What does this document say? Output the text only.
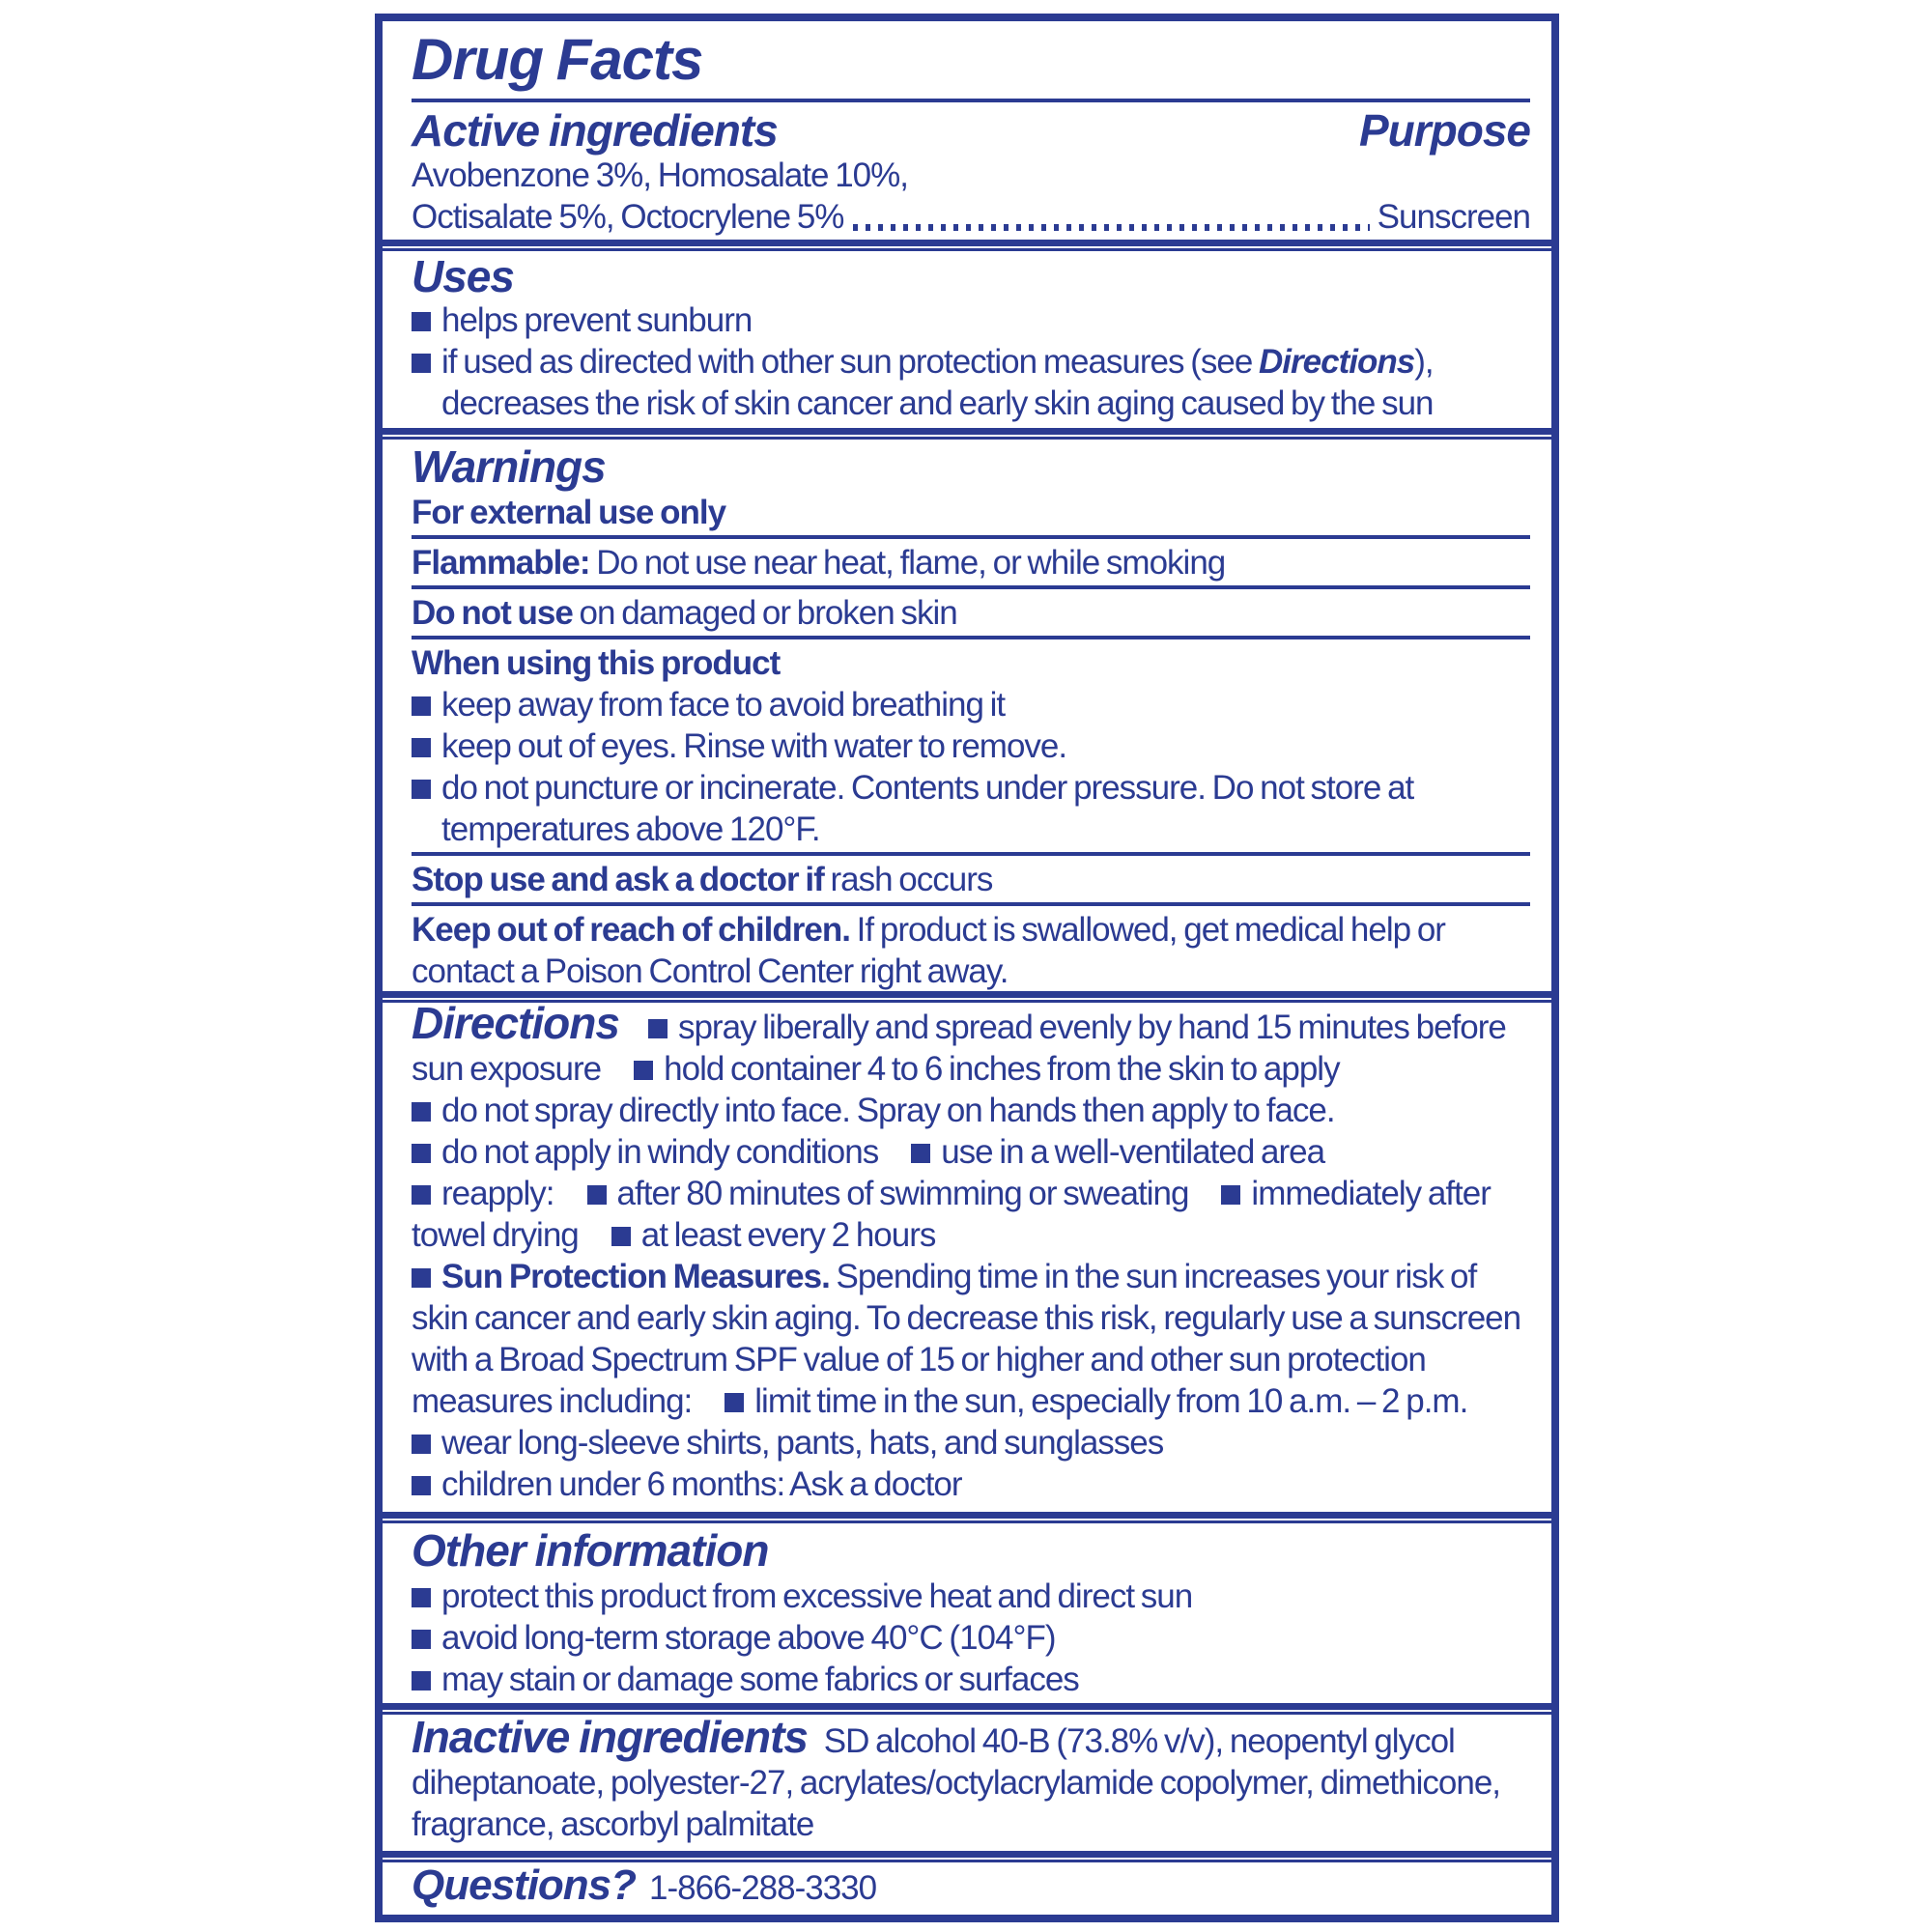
Drug Facts
Active ingredients	Purpose
Avobenzone 3%, Homosalate 10%,
Octisalate 5%, Octocrylene 5%	Sunscreen
Uses
helps prevent sunburn
if used as directed with other sun protection measures (see Directions), decreases the risk of skin cancer and early skin aging caused by the sun
Warnings
For external use only
Flammable: Do not use near heat, flame, or while smoking
Do not use on damaged or broken skin
When using this product
keep away from face to avoid breathing it
keep out of eyes. Rinse with water to remove.
do not puncture or incinerate. Contents under pressure. Do not store at temperatures above 120°F.
Stop use and ask a doctor if rash occurs
Keep out of reach of children. If product is swallowed, get medical help or contact a Poison Control Center right away.
Directions spray liberally and spread evenly by hand 15 minutes before sun exposure hold container 4 to 6 inches from the skin to apply
do not spray directly into face. Spray on hands then apply to face.
do not apply in windy conditions use in a well-ventilated area
reapply: after 80 minutes of swimming or sweating immediately after towel drying at least every 2 hours
Sun Protection Measures. Spending time in the sun increases your risk of skin cancer and early skin aging. To decrease this risk, regularly use a sunscreen with a Broad Spectrum SPF value of 15 or higher and other sun protection measures including: limit time in the sun, especially from 10 a.m. – 2 p.m.
wear long-sleeve shirts, pants, hats, and sunglasses
children under 6 months: Ask a doctor
Other information
protect this product from excessive heat and direct sun
avoid long-term storage above 40°C (104°F)
may stain or damage some fabrics or surfaces
Inactive ingredients SD alcohol 40-B (73.8% v/v), neopentyl glycol diheptanoate, polyester-27, acrylates/octylacrylamide copolymer, dimethicone, fragrance, ascorbyl palmitate
Questions? 1-866-288-3330
